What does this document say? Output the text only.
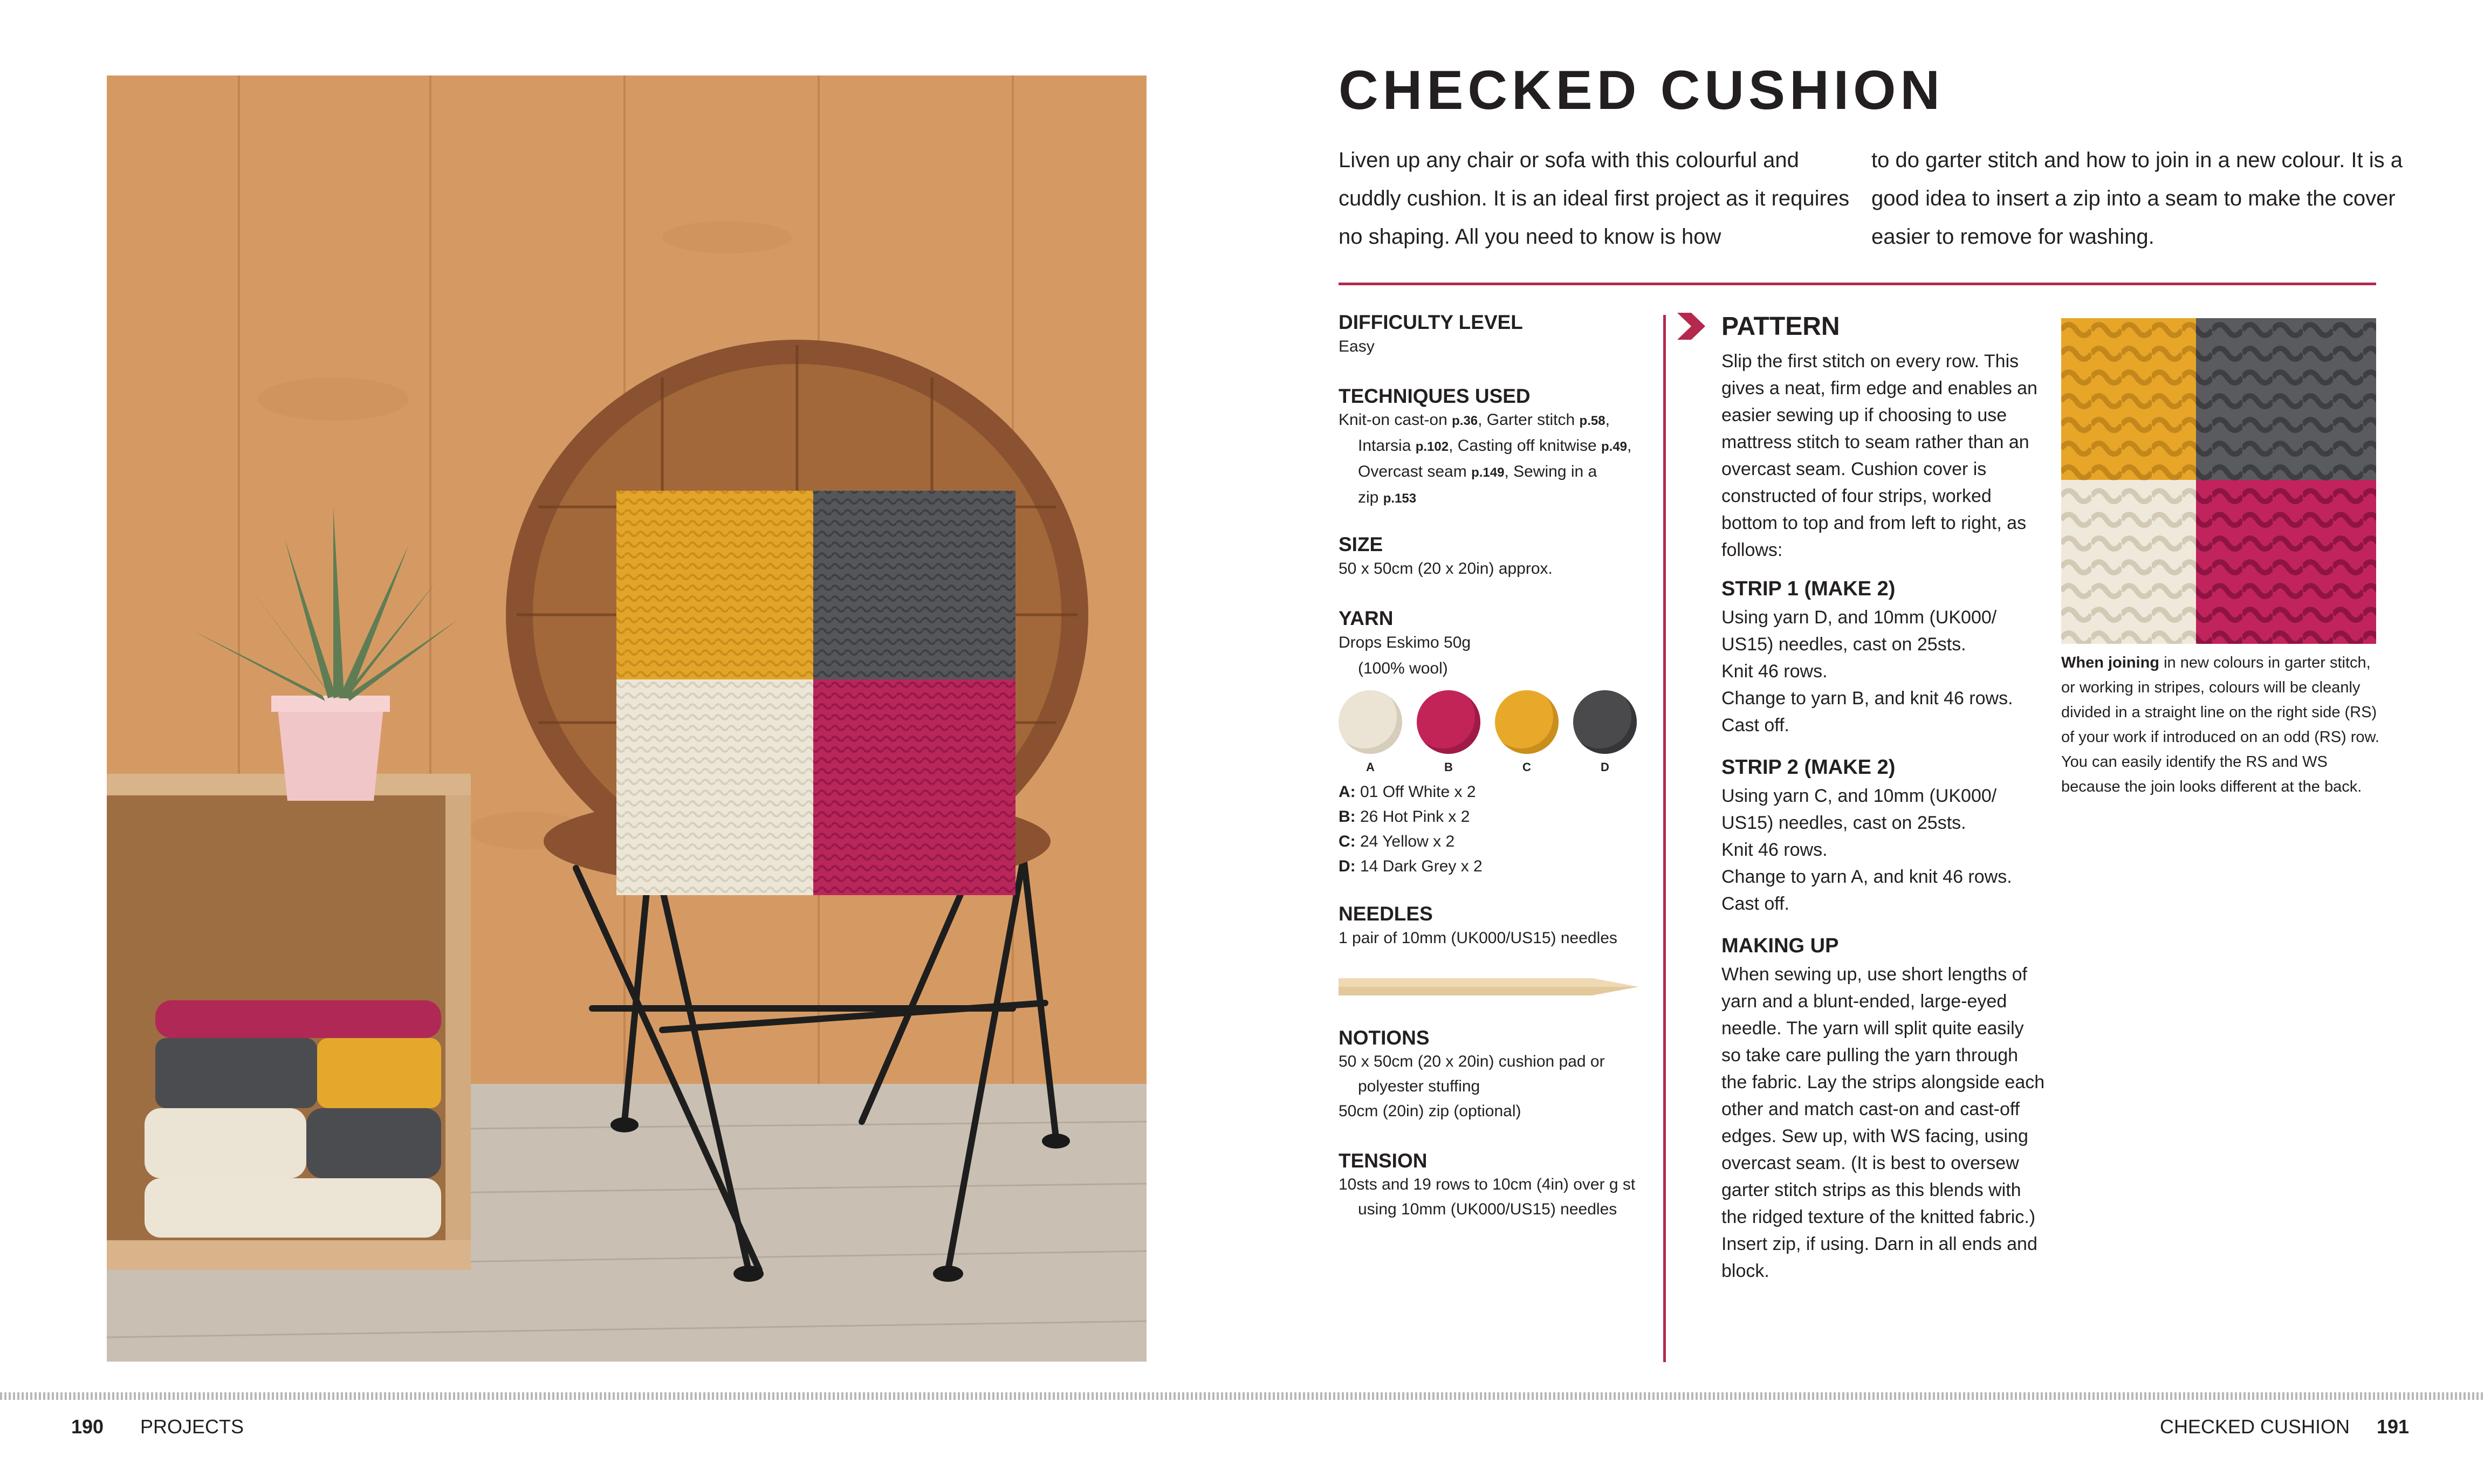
CHECKED CUSHION

Liven up any chair or sofa with this colourful and cuddly cushion. It is an ideal first project as it requires no shaping. All you need to know is how

to do garter stitch and how to join in a new colour. It is a good idea to insert a zip into a seam to make the cover easier to remove for washing.

DIFFICULTY LEVEL

Easy

TECHNIQUES USED

Knit-on cast-on p.36, Garter stitch p.58,

Intarsia p.102, Casting off knitwise p.49,

Overcast seam p.149, Sewing in a

zip p.153

SIZE

50 x 50cm (20 x 20in) approx.

YARN

Drops Eskimo 50g

(100% wool)

A	B	C	D

A: 01 Off White x 2

B: 26 Hot Pink x 2

C: 24 Yellow x 2

D: 14 Dark Grey x 2

NEEDLES

1 pair of 10mm (UK000/US15) needles

NOTIONS

50 x 50cm (20 x 20in) cushion pad or

polyester stuffing

50cm (20in) zip (optional)

TENSION

10sts and 19 rows to 10cm (4in) over g st

using 10mm (UK000/US15) needles

PATTERN

Slip the first stitch on every row. This gives a neat, firm edge and enables an easier sewing up if choosing to use mattress stitch to seam rather than an overcast seam. Cushion cover is constructed of four strips, worked bottom to top and from left to right, as follows:

STRIP 1 (MAKE 2)

Using yarn D, and 10mm (UK000/

US15) needles, cast on 25sts.

Knit 46 rows.

Change to yarn B, and knit 46 rows.

Cast off.

STRIP 2 (MAKE 2)

Using yarn C, and 10mm (UK000/

US15) needles, cast on 25sts.

Knit 46 rows.

Change to yarn A, and knit 46 rows.

Cast off.

MAKING UP

When sewing up, use short lengths of yarn and a blunt-ended, large-eyed needle. The yarn will split quite easily so take care pulling the yarn through the fabric. Lay the strips alongside each other and match cast-on and cast-off edges. Sew up, with WS facing, using overcast seam. (It is best to oversew garter stitch strips as this blends with the ridged texture of the knitted fabric.) Insert zip, if using. Darn in all ends and block.

When joining in new colours in garter stitch, or working in stripes, colours will be cleanly divided in a straight line on the right side (RS) of your work if introduced on an odd (RS) row. You can easily identify the RS and WS because the join looks different at the back.

190 PROJECTS	CHECKED CUSHION 191
